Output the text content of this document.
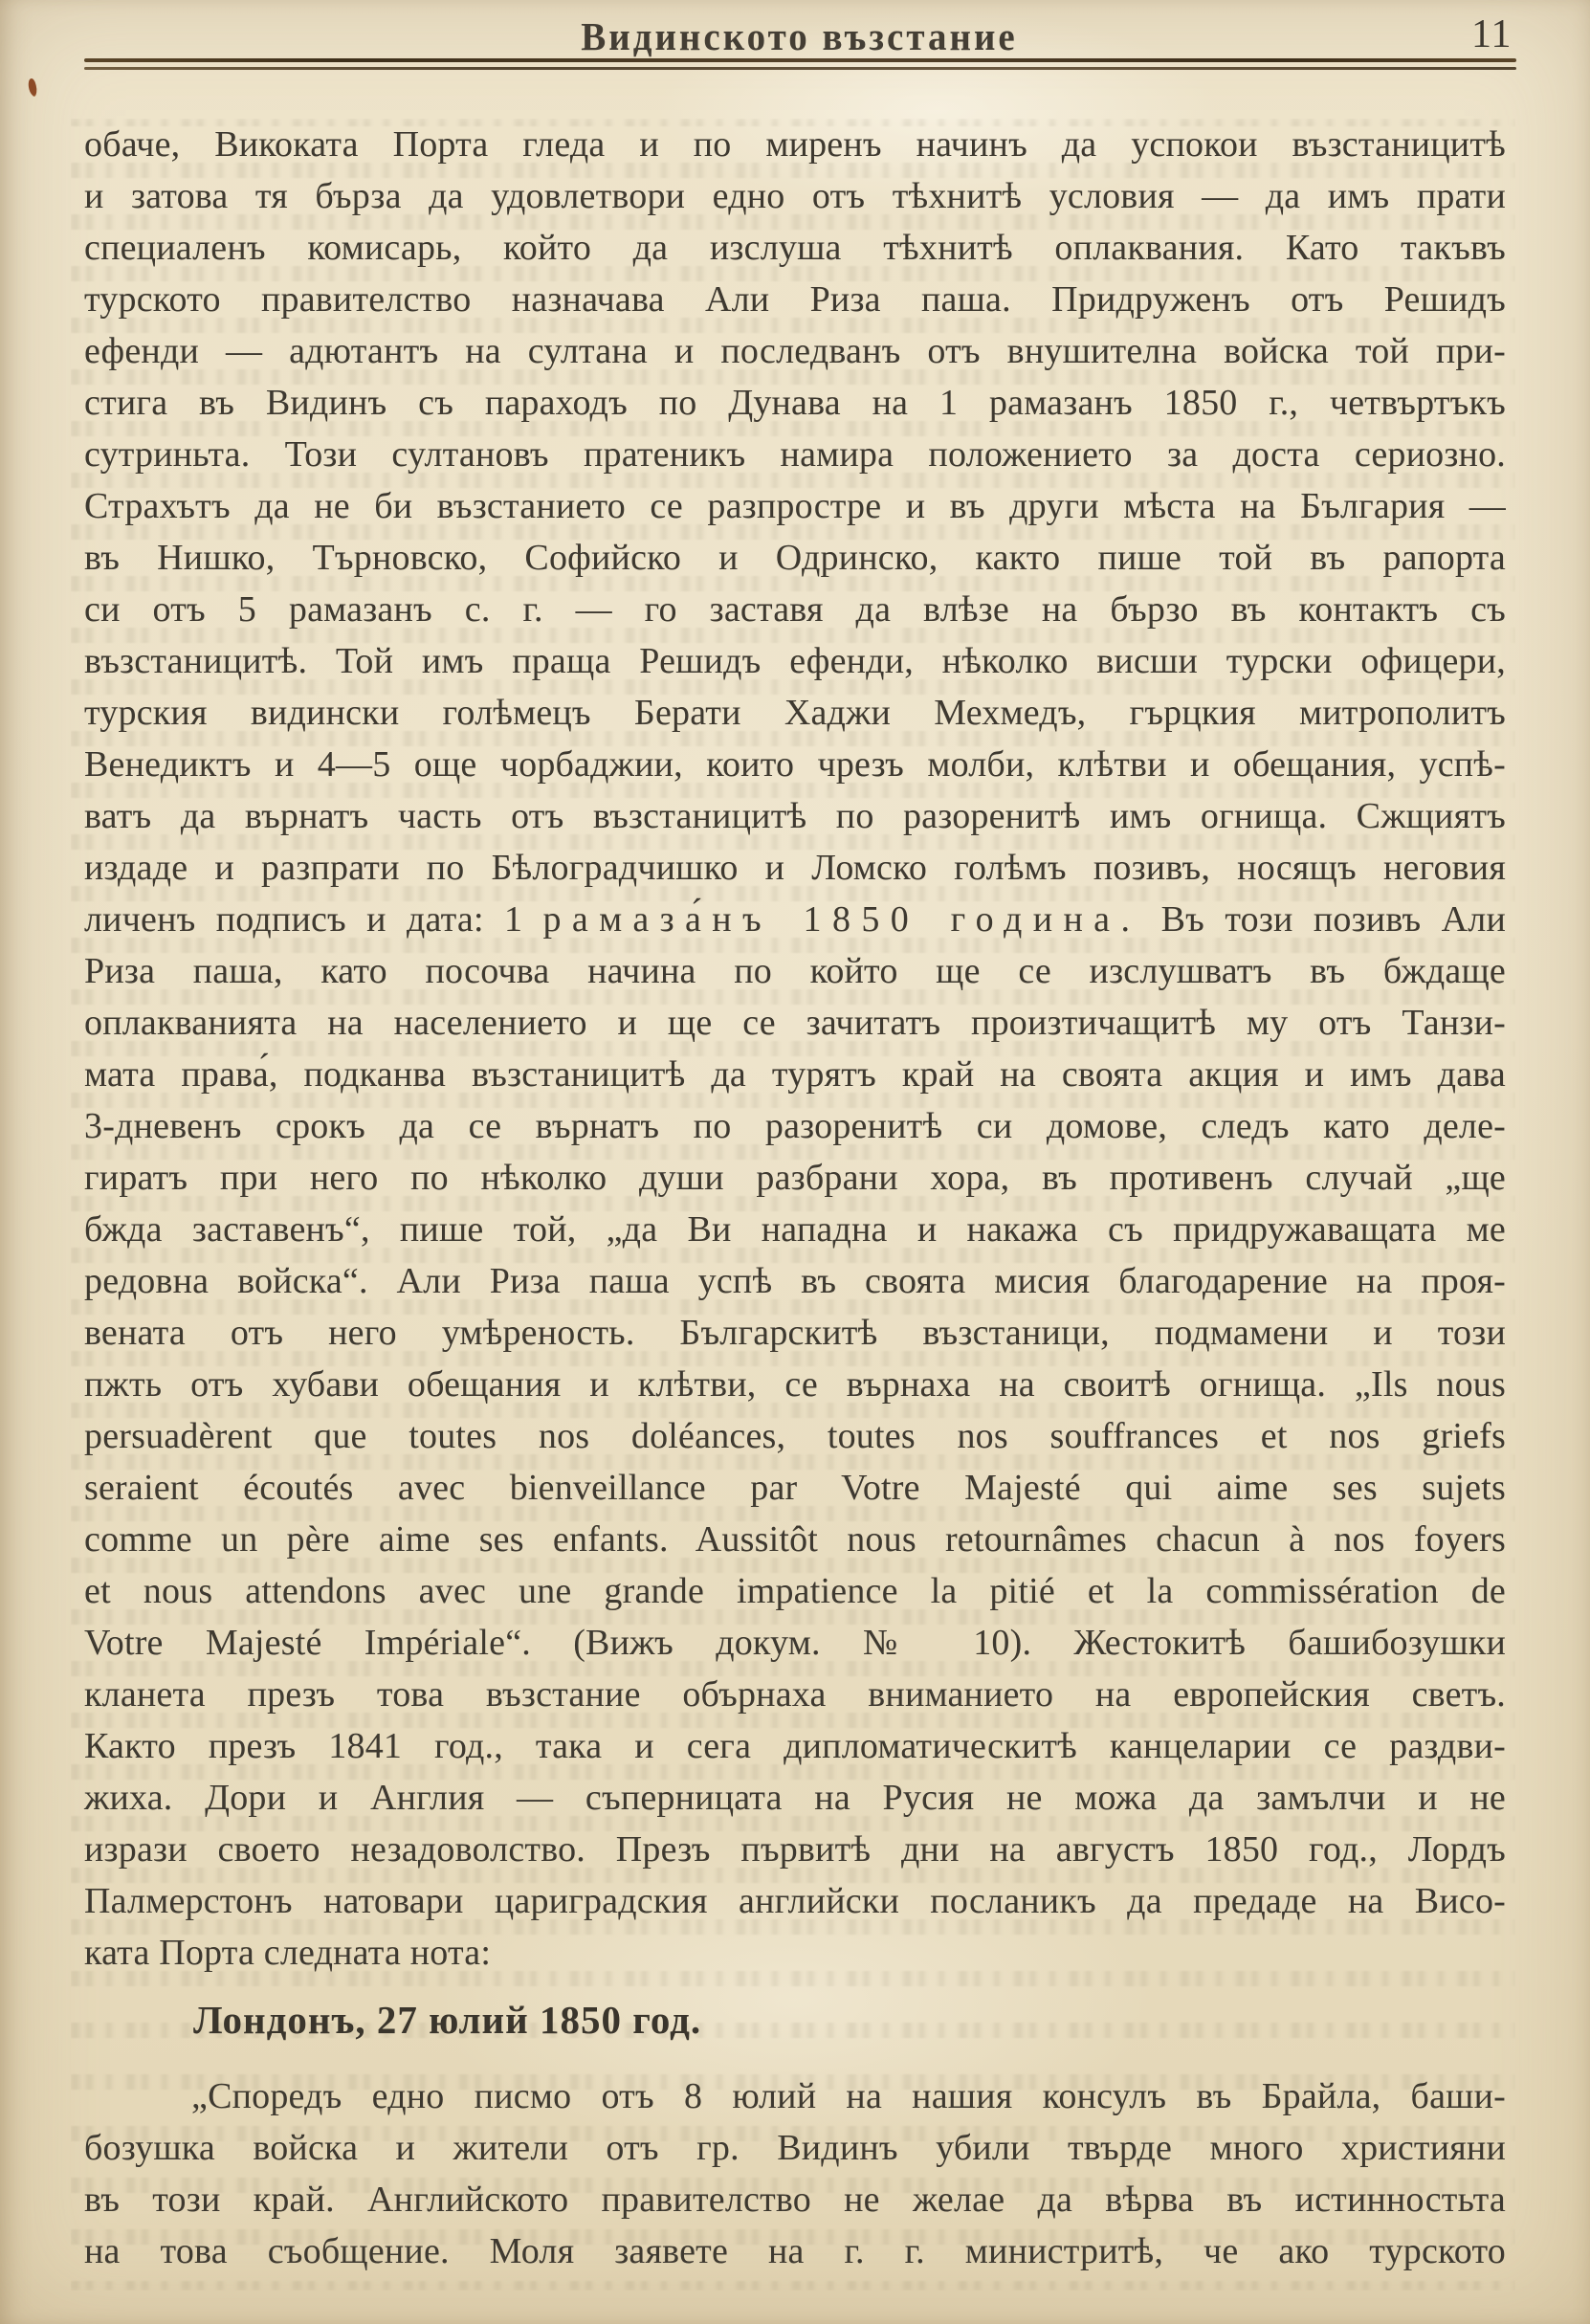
Видинското възстание	11
обаче, Викоката Порта гледа и по миренъ начинъ да успокои възстаницитѣ
и затова тя бърза да удовлетвори едно отъ тѣхнитѣ условия — да имъ прати
специаленъ комисарь, който да изслуша тѣхнитѣ оплаквания. Като такъвъ
турското правителство назначава Али Риза паша. Придруженъ отъ Решидъ
ефенди — адютантъ на султана и последванъ отъ внушителна войска той при-
стига въ Видинъ съ параходъ по Дунава на 1 рамазанъ 1850 г., четвъртъкъ
сутриньта. Този султановъ пратеникъ намира положението за доста сериозно.
Страхътъ да не би възстанието се разпростре и въ други мѣста на България —
въ Нишко, Търновско, Софийско и Одринско, както пише той въ рапорта
си отъ 5 рамазанъ с. г. — го заставя да влѣзе на бързо въ контактъ съ
възстаницитѣ. Той имъ праща Решидъ ефенди, нѣколко висши турски офицери,
турския видински голѣмецъ Берати Хаджи Мехмедъ, гърцкия митрополитъ
Венедиктъ и 4—5 още чорбаджии, които чрезъ молби, клѣтви и обещания, успѣ-
ватъ да върнатъ часть отъ възстаницитѣ по разоренитѣ имъ огнища. Сжщиятъ
издаде и разпрати по Бѣлоградчишко и Ломско голѣмъ позивъ, носящъ неговия
личенъ подписъ и дата: 1 рамаза́нъ 1850 година. Въ този позивъ Али
Риза паша, като посочва начина по който ще се изслушватъ въ бждаще
оплакванията на населението и ще се зачитатъ произтичащитѣ му отъ Танзи-
мата права́, подканва възстаницитѣ да турятъ край на своята акция и имъ дава
3-дневенъ срокъ да се върнатъ по разоренитѣ си домове, следъ като деле-
гиратъ при него по нѣколко души разбрани хора, въ противенъ случай „ще
бжда заставенъ“, пише той, „да Ви нападна и накажа съ придружаващата ме
редовна войска“. Али Риза паша успѣ въ своята мисия благодарение на проя-
вената отъ него умѣреность. Българскитѣ възстаници, подмамени и този
пжть отъ хубави обещания и клѣтви, се върнаха на своитѣ огнища. „Ils nous
persuadèrent que toutes nos doléances, toutes nos souffrances et nos griefs
seraient écoutés avec bienveillance par Votre Majesté qui aime ses sujets
comme un père aime ses enfants. Aussitôt nous retournâmes chacun à nos foyers
et nous attendons avec une grande impatience la pitié et la commissération de
Votre Majesté Impériale“. (Вижъ докум. № 10). Жестокитѣ башибозушки
кланета презъ това възстание обърнаха вниманието на европейския светъ.
Както презъ 1841 год., така и сега дипломатическитѣ канцеларии се раздви-
жиха. Дори и Англия — съперницата на Русия не можа да замълчи и не
изрази своето незадоволство. Презъ първитѣ дни на августъ 1850 год., Лордъ
Палмерстонъ натовари цариградския английски посланикъ да предаде на Висо-
ката Порта следната нота:
Лондонъ, 27 юлий 1850 год.
„Споредъ едно писмо отъ 8 юлий на нашия консулъ въ Брайла, баши-
бозушка войска и жители отъ гр. Видинъ убили твърде много християни
въ този край. Английското правителство не желае да вѣрва въ истинностьта
на това съобщение. Моля заявете на г. г. министритѣ, че ако турското
